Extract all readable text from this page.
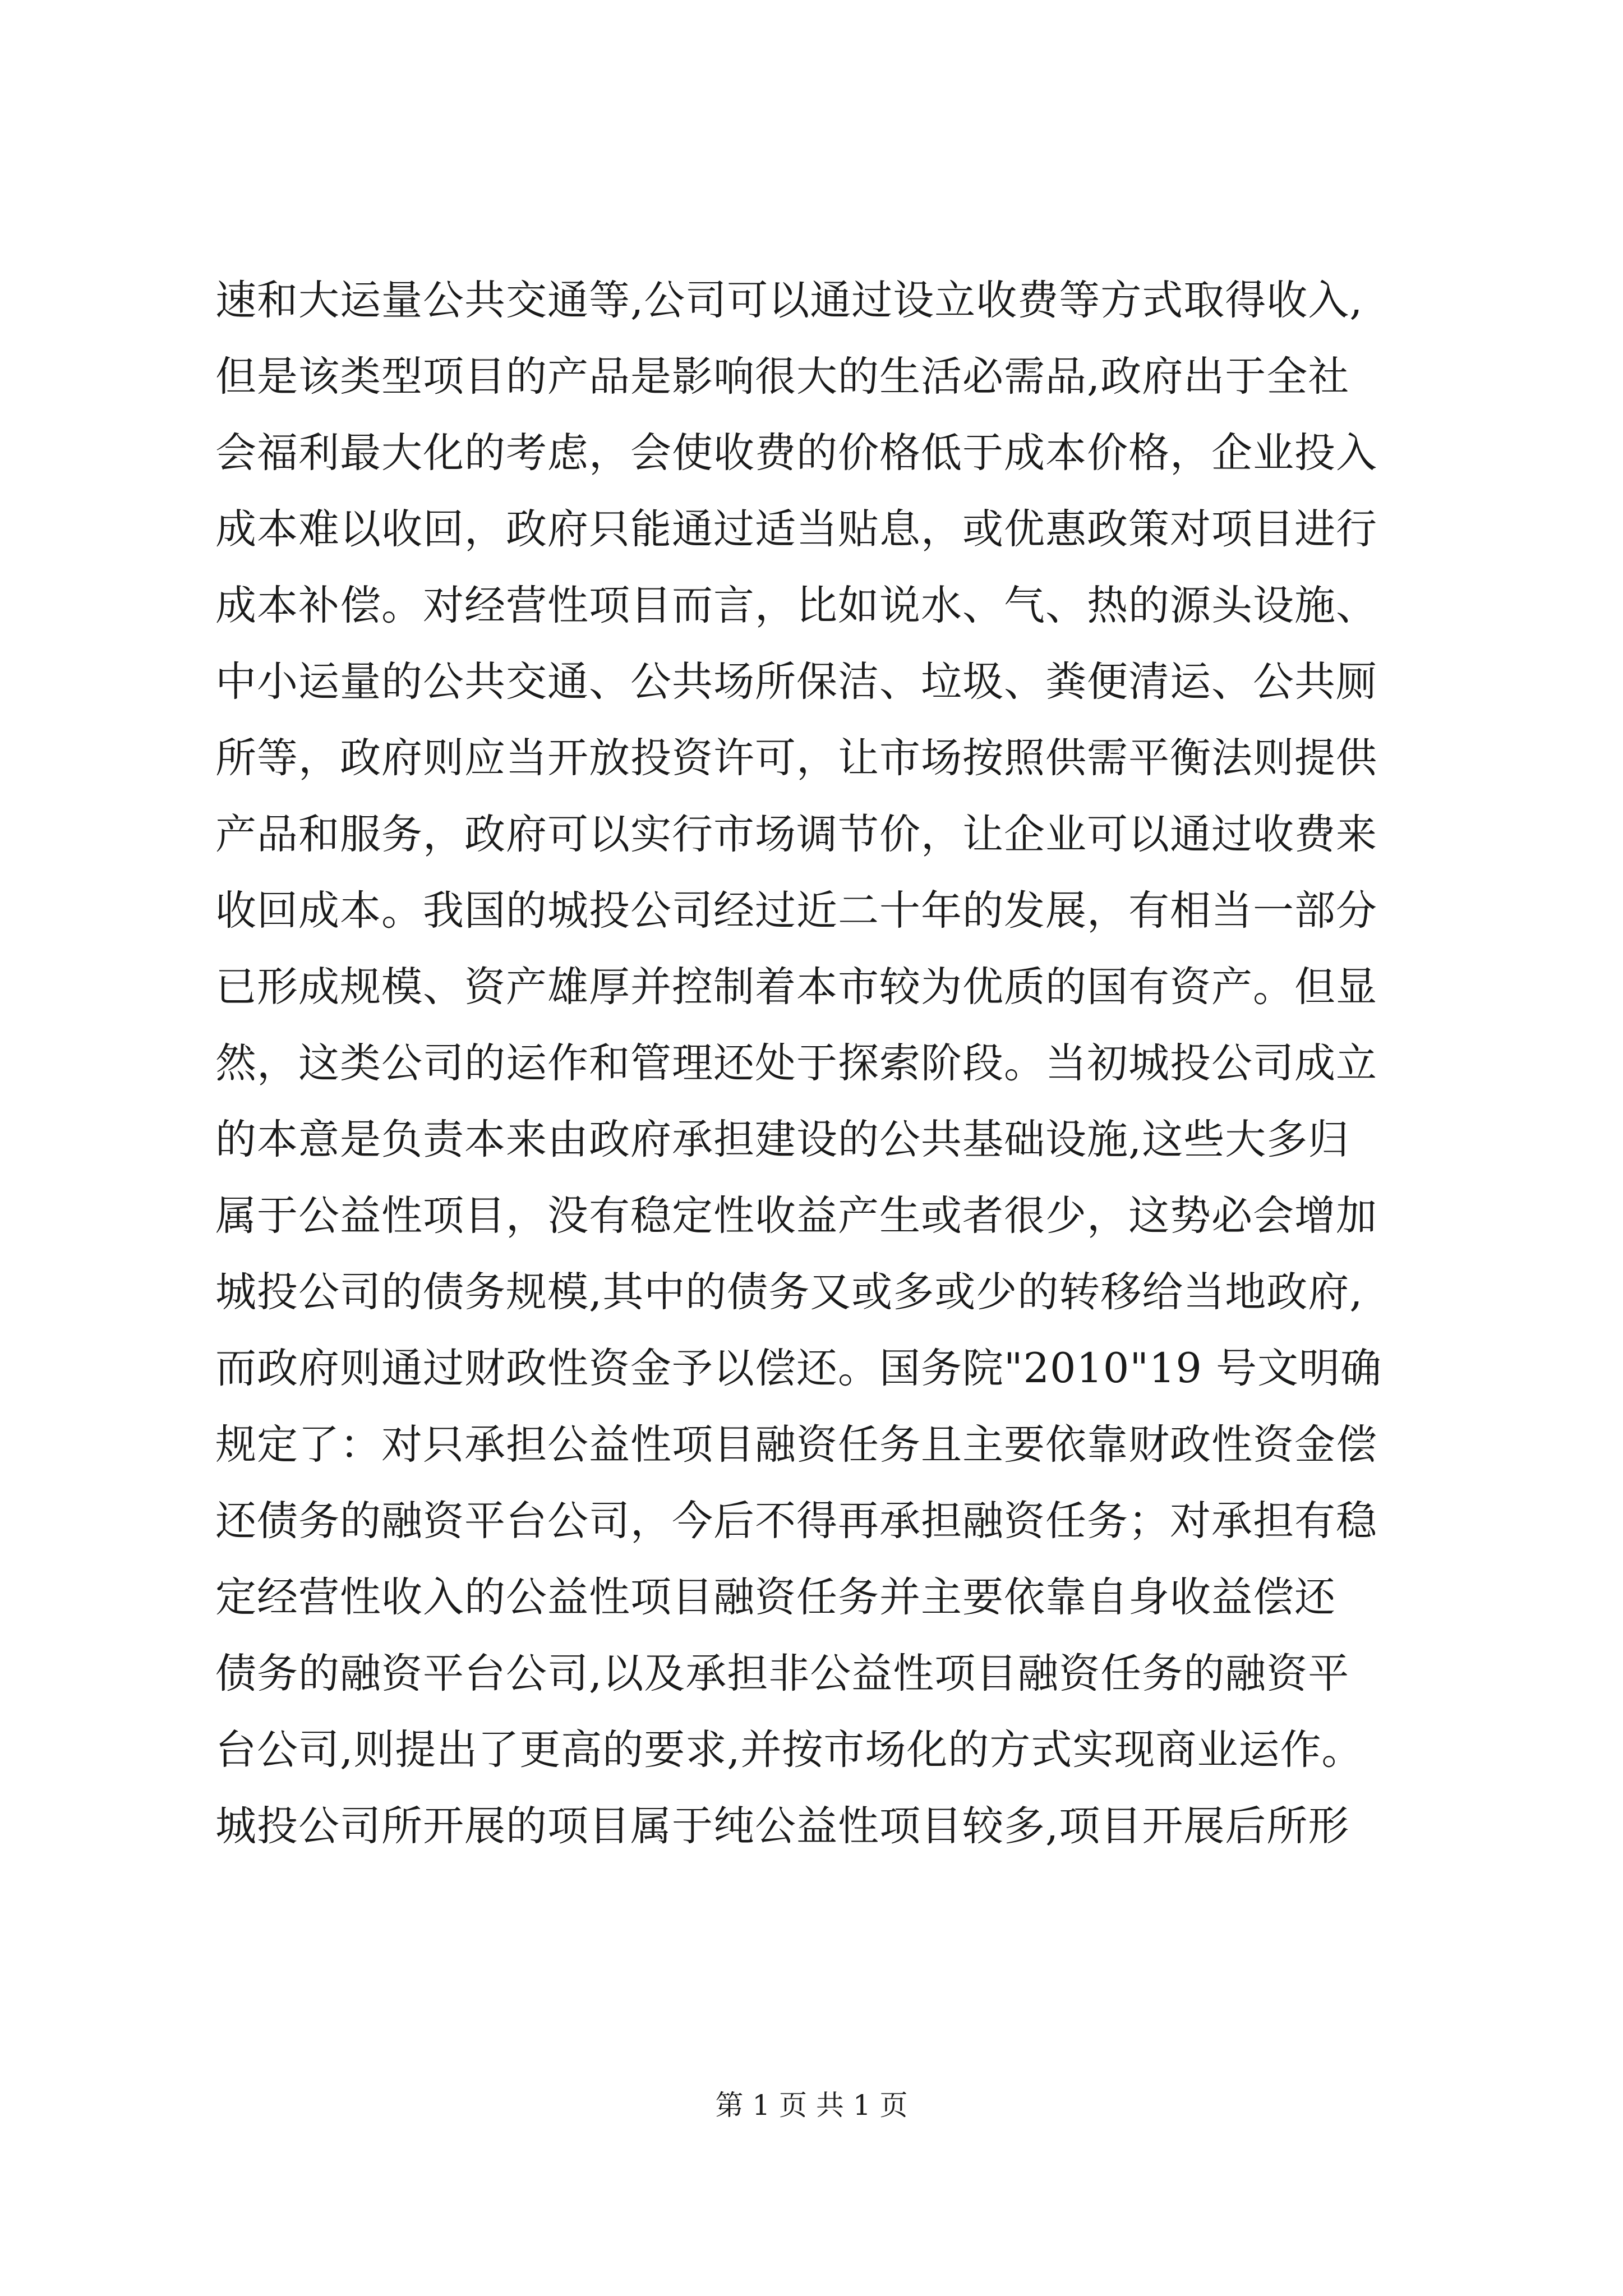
速和大运量公共交通等,公司可以通过设立收费等方式取得收入,
但是该类型项目的产品是影响很大的生活必需品,政府出于全社
会福利最大化的考虑，会使收费的价格低于成本价格，企业投入
成本难以收回，政府只能通过适当贴息，或优惠政策对项目进行
成本补偿。对经营性项目而言，比如说水、气、热的源头设施、
中小运量的公共交通、公共场所保洁、垃圾、粪便清运、公共厕
所等，政府则应当开放投资许可，让市场按照供需平衡法则提供
产品和服务，政府可以实行市场调节价，让企业可以通过收费来
收回成本。我国的城投公司经过近二十年的发展，有相当一部分
已形成规模、资产雄厚并控制着本市较为优质的国有资产。但显
然，这类公司的运作和管理还处于探索阶段。当初城投公司成立
的本意是负责本来由政府承担建设的公共基础设施,这些大多归
属于公益性项目，没有稳定性收益产生或者很少，这势必会增加
城投公司的债务规模,其中的债务又或多或少的转移给当地政府,
而政府则通过财政性资金予以偿还。国务院"2010"19 号文明确
规定了：对只承担公益性项目融资任务且主要依靠财政性资金偿
还债务的融资平台公司，今后不得再承担融资任务；对承担有稳
定经营性收入的公益性项目融资任务并主要依靠自身收益偿还
债务的融资平台公司,以及承担非公益性项目融资任务的融资平
台公司,则提出了更高的要求,并按市场化的方式实现商业运作。
城投公司所开展的项目属于纯公益性项目较多,项目开展后所形
第 1 页 共 1 页
